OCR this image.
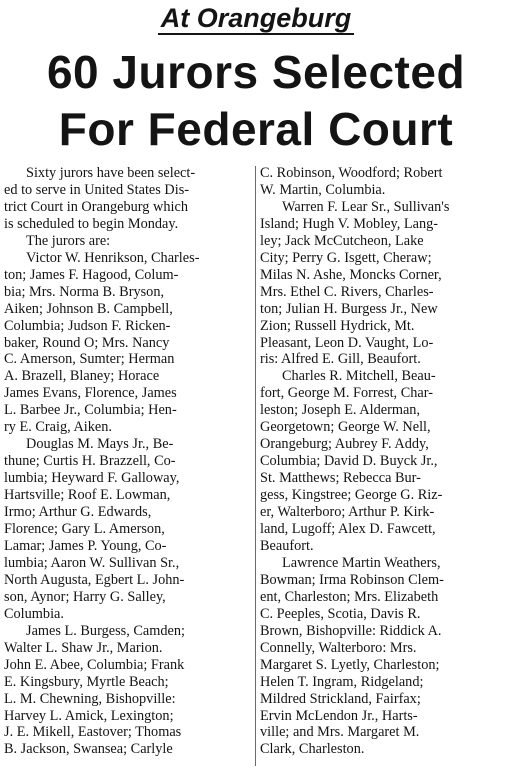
At Orangeburg
60 Jurors Selected
For Federal Court
Sixty jurors have been select-
ed to serve in United States Dis-
trict Court in Orangeburg which
is scheduled to begin Monday.
The jurors are:
Victor W. Henrikson, Charles-
ton; James F. Hagood, Colum-
bia; Mrs. Norma B. Bryson,
Aiken; Johnson B. Campbell,
Columbia; Judson F. Ricken-
baker, Round O; Mrs. Nancy
C. Amerson, Sumter; Herman
A. Brazell, Blaney; Horace
James Evans, Florence, James
L. Barbee Jr., Columbia; Hen-
ry E. Craig, Aiken.
Douglas M. Mays Jr., Be-
thune; Curtis H. Brazzell, Co-
lumbia; Heyward F. Galloway,
Hartsville; Roof E. Lowman,
Irmo; Arthur G. Edwards,
Florence; Gary L. Amerson,
Lamar; James P. Young, Co-
lumbia; Aaron W. Sullivan Sr.,
North Augusta, Egbert L. John-
son, Aynor; Harry G. Salley,
Columbia.
James L. Burgess, Camden;
Walter L. Shaw Jr., Marion.
John E. Abee, Columbia; Frank
E. Kingsbury, Myrtle Beach;
L. M. Chewning, Bishopville:
Harvey L. Amick, Lexington;
J. E. Mikell, Eastover; Thomas
B. Jackson, Swansea; Carlyle
C. Robinson, Woodford; Robert
W. Martin, Columbia.
Warren F. Lear Sr., Sullivan's
Island; Hugh V. Mobley, Lang-
ley; Jack McCutcheon, Lake
City; Perry G. Isgett, Cheraw;
Milas N. Ashe, Moncks Corner,
Mrs. Ethel C. Rivers, Charles-
ton; Julian H. Burgess Jr., New
Zion; Russell Hydrick, Mt.
Pleasant, Leon D. Vaught, Lo-
ris: Alfred E. Gill, Beaufort.
Charles R. Mitchell, Beau-
fort, George M. Forrest, Char-
leston; Joseph E. Alderman,
Georgetown; George W. Nell,
Orangeburg; Aubrey F. Addy,
Columbia; David D. Buyck Jr.,
St. Matthews; Rebecca Bur-
gess, Kingstree; George G. Riz-
er, Walterboro; Arthur P. Kirk-
land, Lugoff; Alex D. Fawcett,
Beaufort.
Lawrence Martin Weathers,
Bowman; Irma Robinson Clem-
ent, Charleston; Mrs. Elizabeth
C. Peeples, Scotia, Davis R.
Brown, Bishopville: Riddick A.
Connelly, Walterboro: Mrs.
Margaret S. Lyetly, Charleston;
Helen T. Ingram, Ridgeland;
Mildred Strickland, Fairfax;
Ervin McLendon Jr., Harts-
ville; and Mrs. Margaret M.
Clark, Charleston.
